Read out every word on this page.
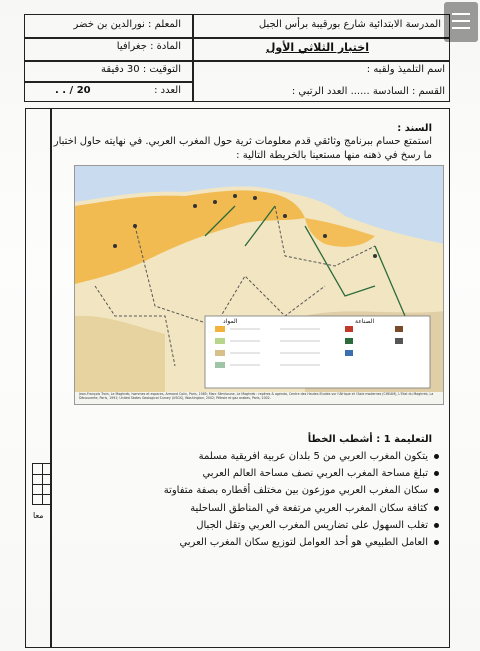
المدرسة الابتدائية شارع بورقيبة برأس الجبل
اختبار الثلاثي الأول
اسم التلميذ ولقبه :
القسم : السادسة ...... العدد الرتبي :
المعلم : نورالدين بن خضر
المادة : جغرافيا
التوقيت : 30 دقيقة
العدد :
. . / 20
السند :
استمتع حسام ببرنامج وثائقي قدم معلومات ثرية حول المغرب العربي. في نهايته حاول اختبار
ما رسخ في ذهنه منها مستعينا بالخريطة التالية :
المواد	الصناعة
Jean-François Troin, Le Maghreb, hommes et espaces, Armand Colin, Paris, 1985; Marc Sémhoune, Le Maghreb : repères & agenda, Centre des Hautes Etudes sur l'Afrique et l'Asie modernes (CHEAM), L'Etat du Maghreb, La Découverte, Paris, 1991; United States Geological Survey (USGS), Washington, 2002; Pétrole et gaz arabes, Paris, 2002.
التعليمة 1 : أشطب الخطأ
يتكون المغرب العربي من 5 بلدان عربية افريقية مسلمة
تبلغ مساحة المغرب العربي نصف مساحة العالم العربي
سكان المغرب العربي موزعون بين مختلف أقطاره بصفة متفاوتة
كثافة سكان المغرب العربي مرتفعة في المناطق الساحلية
تغلب السهول على تضاريس المغرب العربي وتقل الجبال
العامل الطبيعي هو أحد العوامل لتوزيع سكان المغرب العربي
معا
